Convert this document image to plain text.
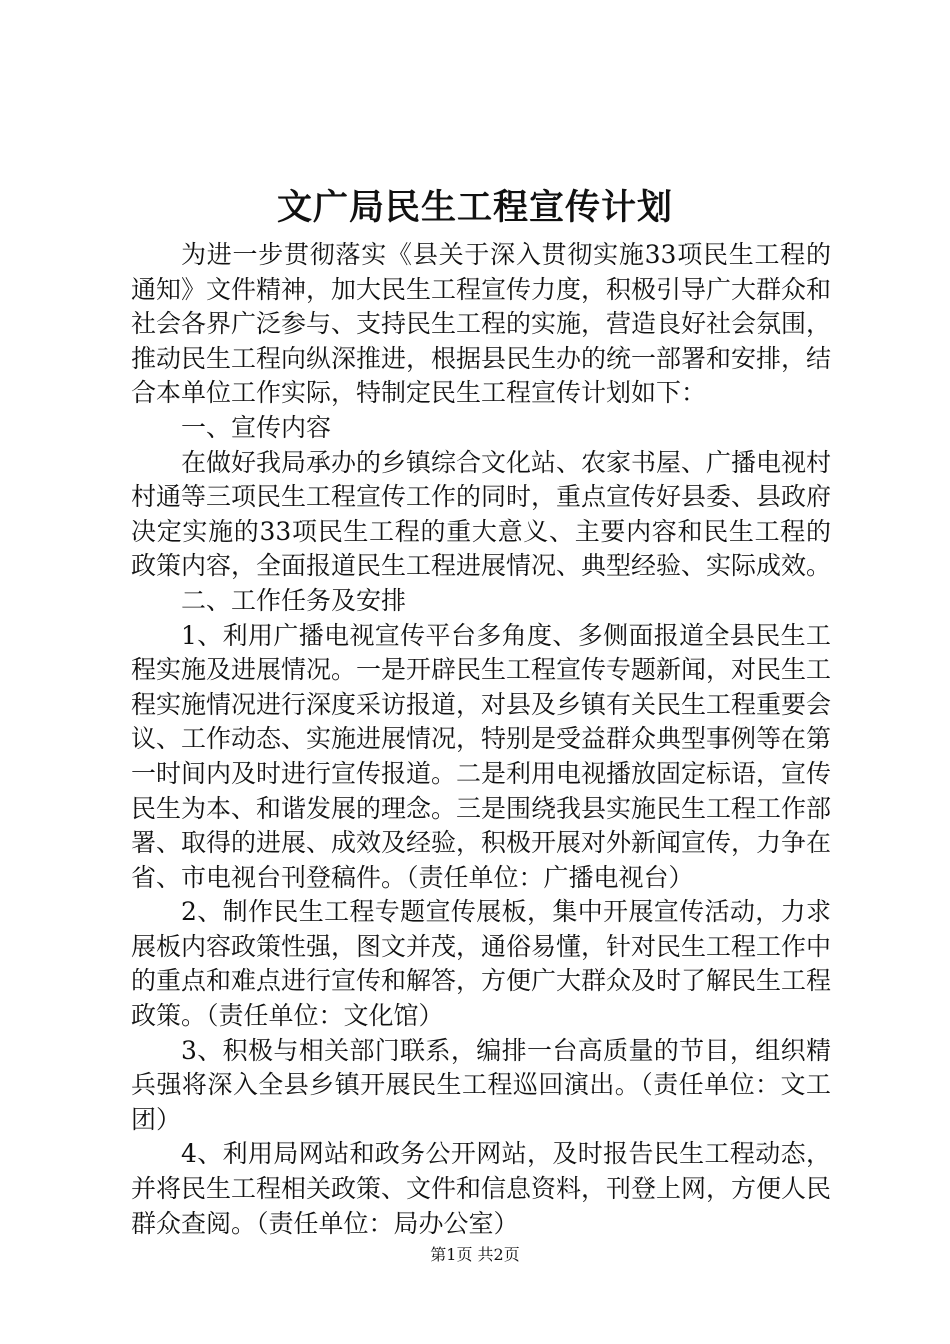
文广局民生工程宣传计划

为进一步贯彻落实《县关于深入贯彻实施33项民生工程的通知》文件精神，加大民生工程宣传力度，积极引导广大群众和社会各界广泛参与、支持民生工程的实施，营造良好社会氛围，推动民生工程向纵深推进，根据县民生办的统一部署和安排，结合本单位工作实际，特制定民生工程宣传计划如下：

一、宣传内容

在做好我局承办的乡镇综合文化站、农家书屋、广播电视村村通等三项民生工程宣传工作的同时，重点宣传好县委、县政府决定实施的33项民生工程的重大意义、主要内容和民生工程的政策内容，全面报道民生工程进展情况、典型经验、实际成效。

二、工作任务及安排

1、利用广播电视宣传平台多角度、多侧面报道全县民生工程实施及进展情况。一是开辟民生工程宣传专题新闻，对民生工程实施情况进行深度采访报道，对县及乡镇有关民生工程重要会议、工作动态、实施进展情况，特别是受益群众典型事例等在第一时间内及时进行宣传报道。二是利用电视播放固定标语，宣传民生为本、和谐发展的理念。三是围绕我县实施民生工程工作部署、取得的进展、成效及经验，积极开展对外新闻宣传，力争在省、市电视台刊登稿件。（责任单位：广播电视台）

2、制作民生工程专题宣传展板，集中开展宣传活动，力求展板内容政策性强，图文并茂，通俗易懂，针对民生工程工作中的重点和难点进行宣传和解答，方便广大群众及时了解民生工程政策。（责任单位：文化馆）

3、积极与相关部门联系，编排一台高质量的节目，组织精兵强将深入全县乡镇开展民生工程巡回演出。（责任单位：文工团）

4、利用局网站和政务公开网站，及时报告民生工程动态，并将民生工程相关政策、文件和信息资料，刊登上网，方便人民群众查阅。（责任单位：局办公室）

第1页 共2页
